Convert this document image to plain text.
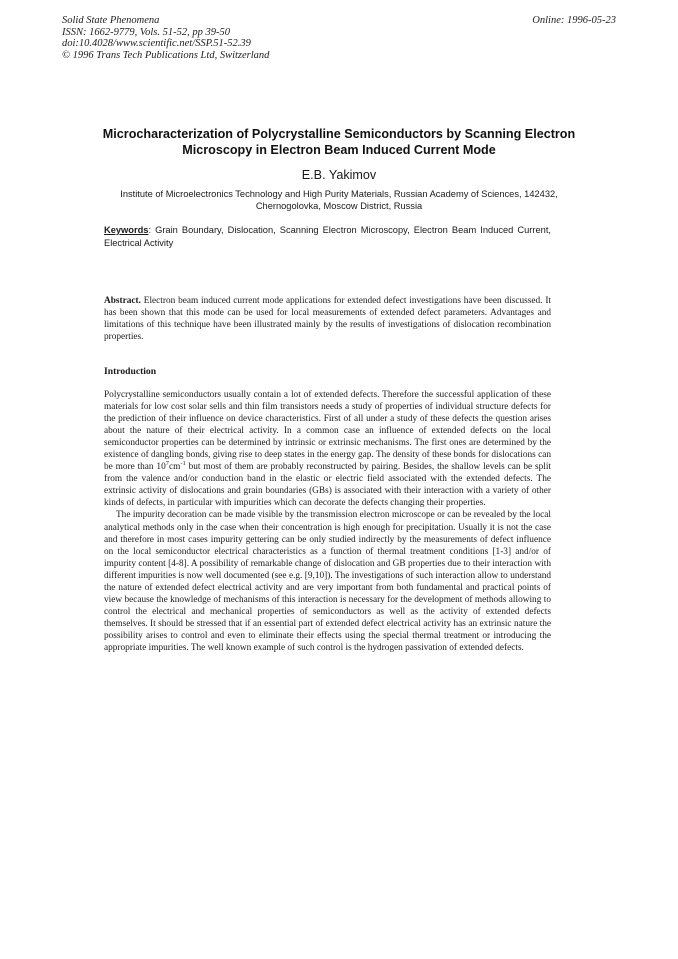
Solid State Phenomena
ISSN: 1662-9779, Vols. 51-52, pp 39-50
doi:10.4028/www.scientific.net/SSP.51-52.39
© 1996 Trans Tech Publications Ltd, Switzerland
Online: 1996-05-23
Microcharacterization of Polycrystalline Semiconductors by Scanning Electron Microscopy in Electron Beam Induced Current Mode
E.B. Yakimov
Institute of Microelectronics Technology and High Purity Materials, Russian Academy of Sciences, 142432, Chernogolovka, Moscow District, Russia
Keywords: Grain Boundary, Dislocation, Scanning Electron Microscopy, Electron Beam Induced Current, Electrical Activity
Abstract. Electron beam induced current mode applications for extended defect investigations have been discussed. It has been shown that this mode can be used for local measurements of extended defect parameters. Advantages and limitations of this technique have been illustrated mainly by the results of investigations of dislocation recombination properties.
Introduction

Polycrystalline semiconductors usually contain a lot of extended defects. Therefore the successful application of these materials for low cost solar sells and thin film transistors needs a study of properties of individual structure defects for the prediction of their influence on device characteristics. First of all under a study of these defects the question arises about the nature of their electrical activity. In a common case an influence of extended defects on the local semiconductor properties can be determined by intrinsic or extrinsic mechanisms. The first ones are determined by the existence of dangling bonds, giving rise to deep states in the energy gap. The density of these bonds for dislocations can be more than $10^7cm^{-1}$ but most of them are probably reconstructed by pairing. Besides, the shallow levels can be split from the valence and/or conduction band in the elastic or electric field associated with the extended defects. The extrinsic activity of dislocations and grain boundaries (GBs) is associated with their interaction with a variety of other kinds of defects, in particular with impurities which can decorate the defects changing their properties.

The impurity decoration can be made visible by the transmission electron microscope or can be revealed by the local analytical methods only in the case when their concentration is high enough for precipitation. Usually it is not the case and therefore in most cases impurity gettering can be only studied indirectly by the measurements of defect influence on the local semiconductor electrical characteristics as a function of thermal treatment conditions [1-3] and/or of impurity content [4-8]. A possibility of remarkable change of dislocation and GB properties due to their interaction with different impurities is now well documented (see e.g. [9,10]). The investigations of such interaction allow to understand the nature of extended defect electrical activity and are very important from both fundamental and practical points of view because the knowledge of mechanisms of this interaction is necessary for the development of methods allowing to control the electrical and mechanical properties of semiconductors as well as the activity of extended defects themselves. It should be stressed that if an essential part of extended defect electrical activity has an extrinsic nature the possibility arises to control and even to eliminate their effects using the special thermal treatment or introducing the appropriate impurities. The well known example of such control is the hydrogen passivation of extended defects.
